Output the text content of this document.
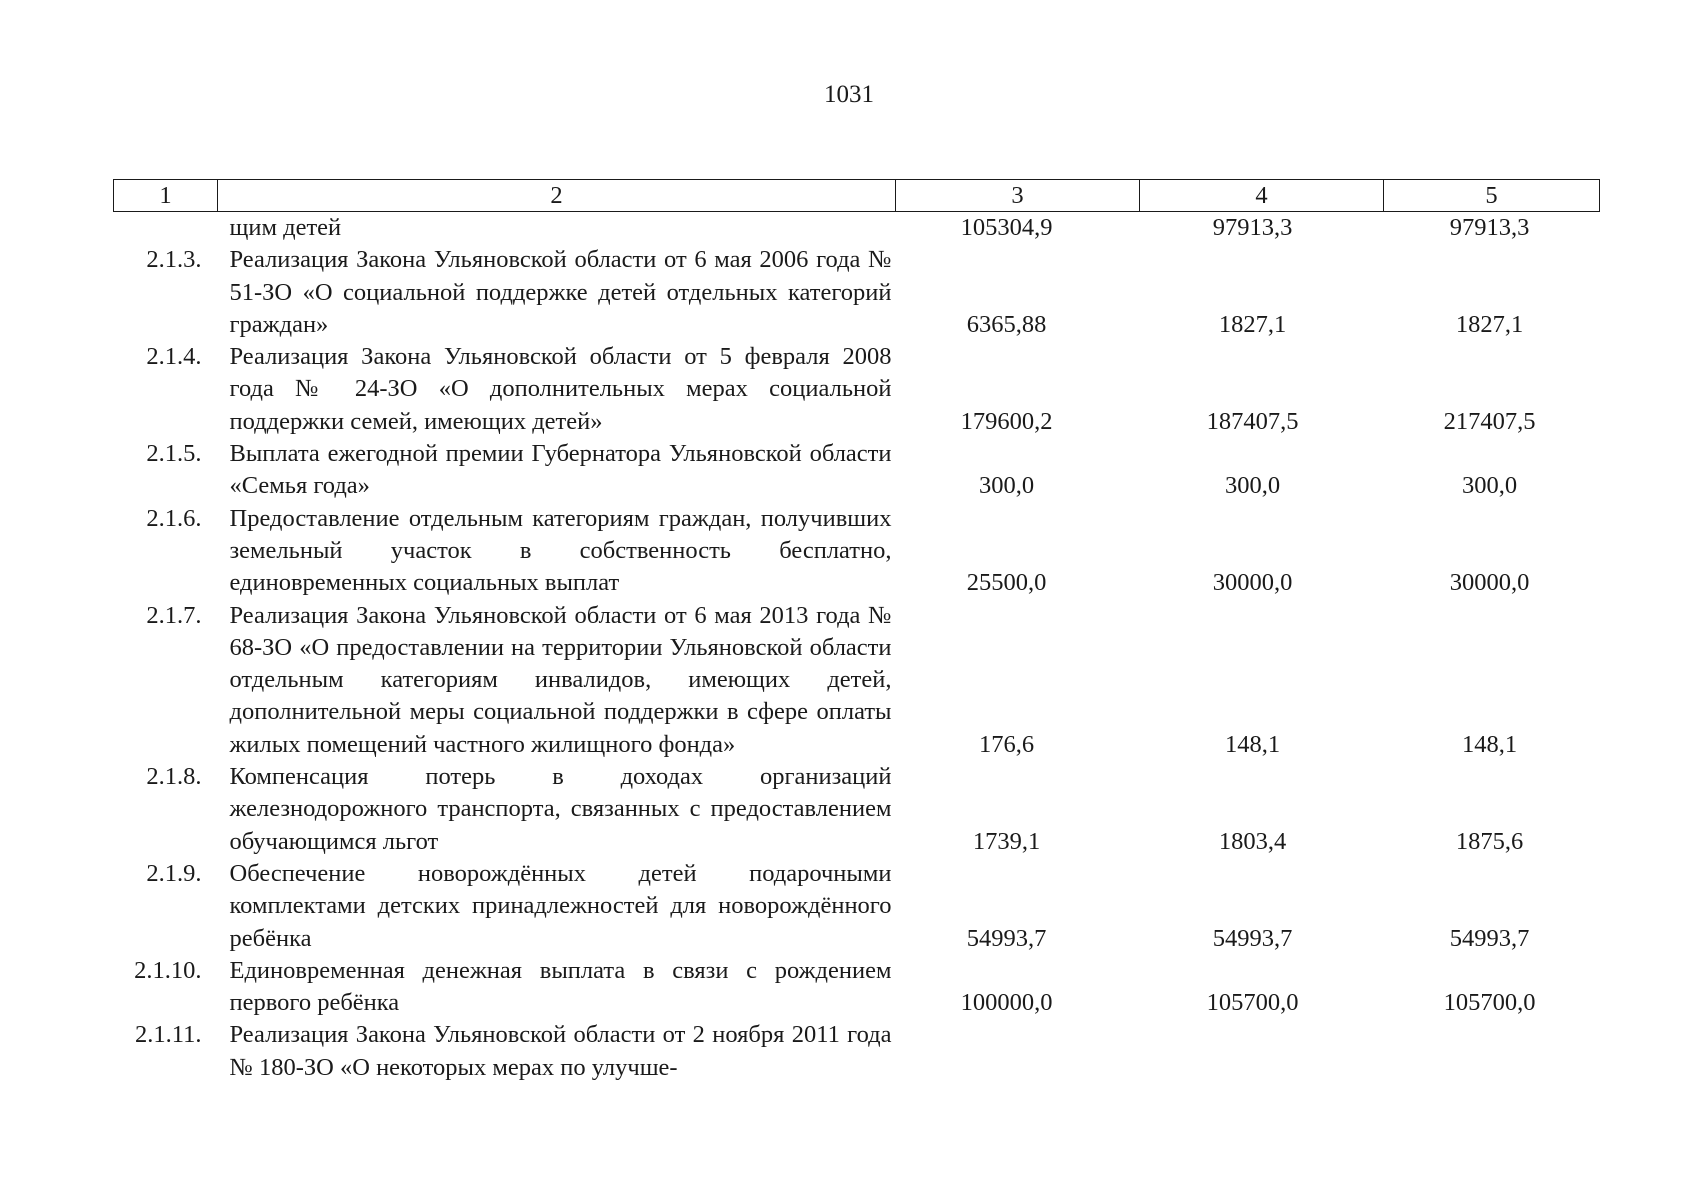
1031
1	2	3	4	5
	щим детей	105304,9	97913,3	97913,3
2.1.3.	Реализация Закона Ульяновской области от 6 мая 2006 года № 51-ЗО «О социальной поддержке детей отдельных категорий граждан»	6365,88	1827,1	1827,1
2.1.4.	Реализация Закона Ульяновской области от 5 февраля 2008 года № 24-ЗО «О дополнительных мерах социальной поддержки семей, имеющих детей»	179600,2	187407,5	217407,5
2.1.5.	Выплата ежегодной премии Губернатора Ульяновской области «Семья года»	300,0	300,0	300,0
2.1.6.	Предоставление отдельным категориям граждан, получивших земельный участок в собственность бесплатно, единовременных социальных выплат	25500,0	30000,0	30000,0
2.1.7.	Реализация Закона Ульяновской области от 6 мая 2013 года № 68-ЗО «О предоставлении на территории Ульяновской области отдельным категориям инвалидов, имеющих детей, дополнительной меры социальной поддержки в сфере оплаты жилых помещений частного жилищного фонда»	176,6	148,1	148,1
2.1.8.	Компенсация потерь в доходах организаций железнодорожного транспорта, связанных с предоставлением обучающимся льгот	1739,1	1803,4	1875,6
2.1.9.	Обеспечение новорождённых детей подарочными комплектами детских принадлежностей для новорождённого ребёнка	54993,7	54993,7	54993,7
2.1.10.	Единовременная денежная выплата в связи с рождением первого ребёнка	100000,0	105700,0	105700,0
2.1.11.	Реализация Закона Ульяновской области от 2 ноября 2011 года № 180-ЗО «О некоторых мерах по улучше-			
